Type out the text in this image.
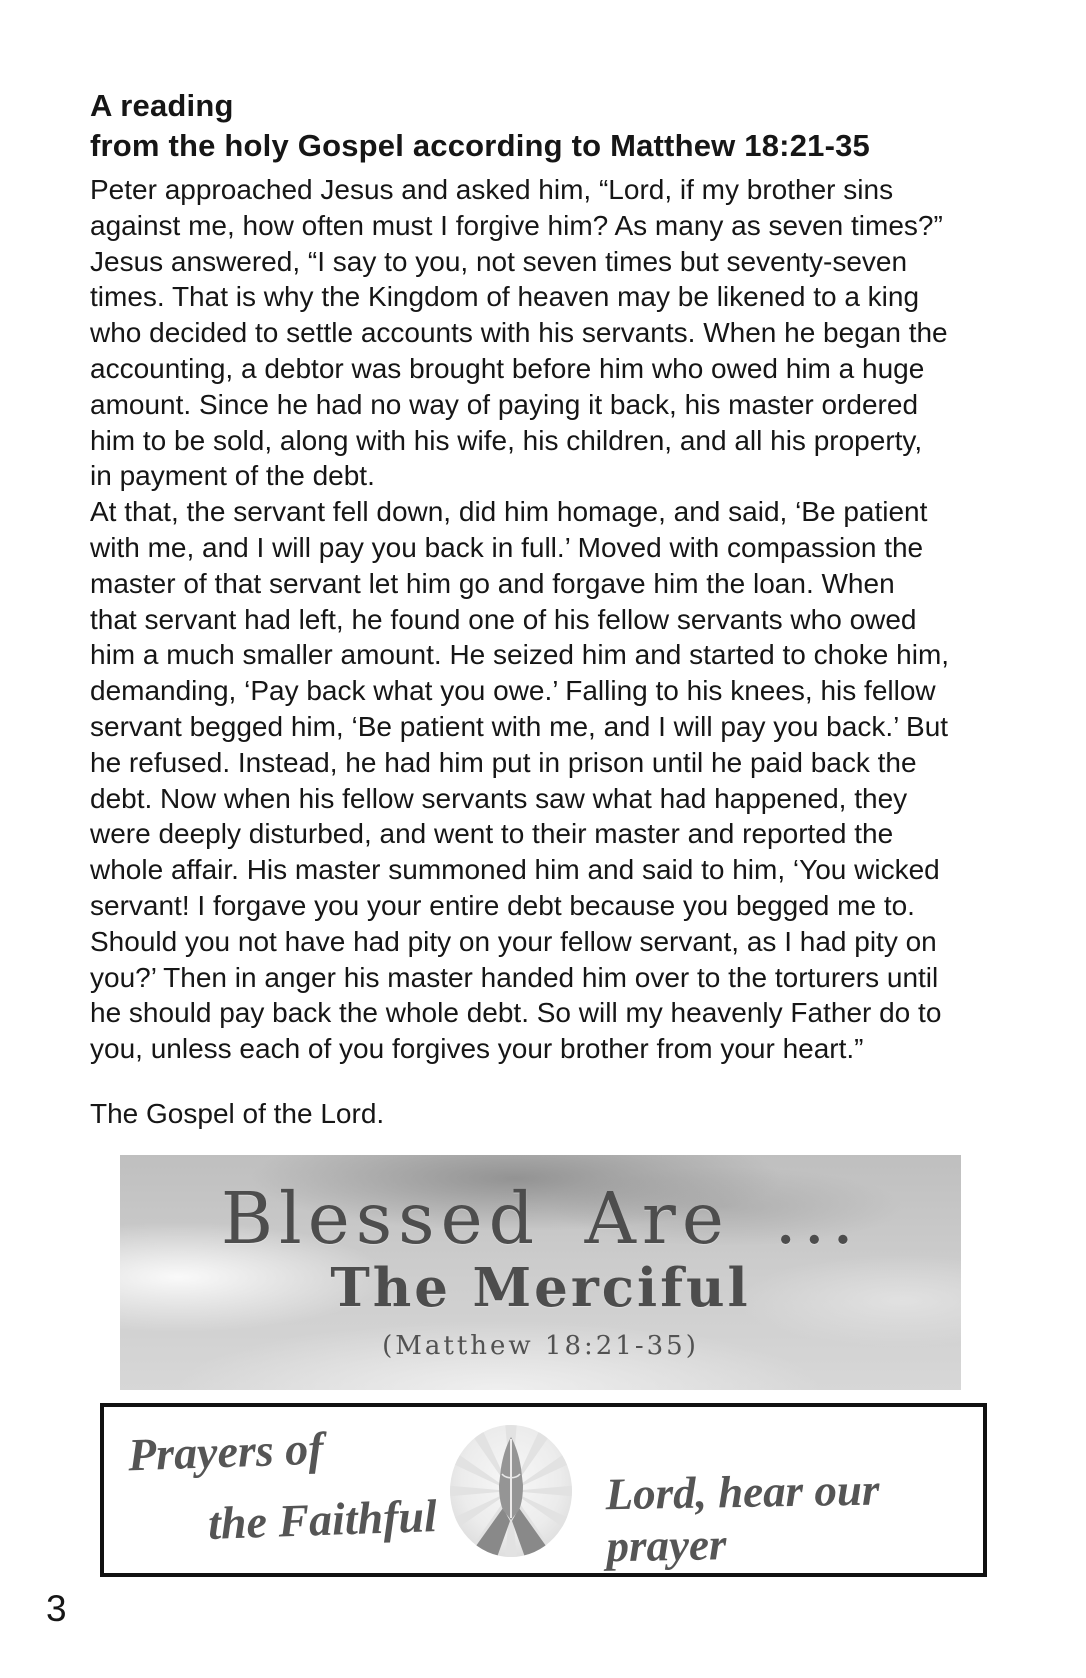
A reading
from the holy Gospel according to Matthew 18:21-35
Peter approached Jesus and asked him, “Lord, if my brother sins
against me, how often must I forgive him? As many as seven times?”
Jesus answered, “I say to you, not seven times but seventy-seven
times. That is why the Kingdom of heaven may be likened to a king
who decided to settle accounts with his servants. When he began the
accounting, a debtor was brought before him who owed him a huge
amount. Since he had no way of paying it back, his master ordered
him to be sold, along with his wife, his children, and all his property,
in payment of the debt.
At that, the servant fell down, did him homage, and said, ‘Be patient
with me, and I will pay you back in full.’ Moved with compassion the
master of that servant let him go and forgave him the loan. When
that servant had left, he found one of his fellow servants who owed
him a much smaller amount. He seized him and started to choke him,
demanding, ‘Pay back what you owe.’ Falling to his knees, his fellow
servant begged him, ‘Be patient with me, and I will pay you back.’ But
he refused. Instead, he had him put in prison until he paid back the
debt. Now when his fellow servants saw what had happened, they
were deeply disturbed, and went to their master and reported the
whole affair. His master summoned him and said to him, ‘You wicked
servant! I forgave you your entire debt because you begged me to.
Should you not have had pity on your fellow servant, as I had pity on
you?’ Then in anger his master handed him over to the torturers until
he should pay back the whole debt. So will my heavenly Father do to
you, unless each of you forgives your brother from your heart.”
The Gospel of the Lord.
Blessed Are ...
The Merciful
(Matthew 18:21-35)
Prayers of
the Faithful	Lord, hear our prayer
3
